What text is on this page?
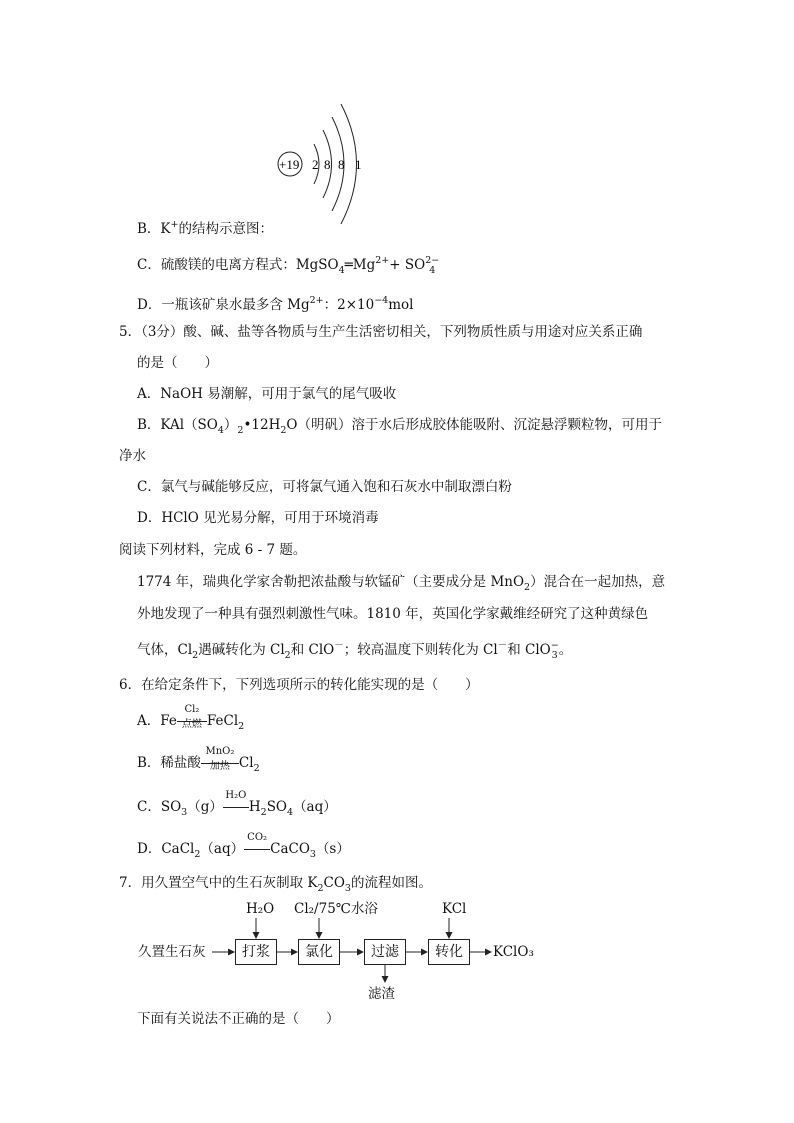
+19 2 8 8 1
B．K+的结构示意图：
C．硫酸镁的电离方程式：$MgSO_4═Mg^{2+}+ SO2-$
4
D．一瓶该矿泉水最多含 $Mg^{2+}$：$2\times 10^{-4}mol$
5．（3分）酸、碱、盐等各物质与生产生活密切相关，下列物质性质与用途对应关系正确
的是（　　）
A．NaOH 易潮解，可用于氯气的尾气吸收
B．$KAl(SO_4)_2•12H_2O$（明矾）溶于水后形成胶体能吸附、沉淀悬浮颗粒物，可用于
净水
C．氯气与碱能够反应，可将氯气通入饱和石灰水中制取漂白粉
D．HClO 见光易分解，可用于环境消毒
阅读下列材料，完成 6 - 7 题。
1774 年，瑞典化学家舍勒把浓盐酸与软锰矿（主要成分是 MnO$_2$）混合在一起加热，意
外地发现了一种具有强烈刺激性气味。1810 年，英国化学家戴维经研究了这种黄绿色
气体，$Cl_2$遇碱转化为 $Cl_2$和 ClO－；较高温度下则转化为 Cl－和 ClO−
3。
6．在给定条件下，下列选项所示的转化能实现的是（　　）
A．Fe
Cl₂
点燃 FeCl$_2$
B．稀盐酸
MnO₂
加热 $Cl_2$
C．$SO_3(g)$
H₂O
$H_2SO_4(aq)$
D．CaCl$_2$（aq）
CO₂
CaCO$_3$（s）
7．用久置空气中的生石灰制取 $K_2CO_3$的流程如图。
久置生石灰
H₂O Cl₂/75℃水浴	KCl
打浆	氯化	过滤	转化	KClO₃
滤渣
下面有关说法不正确的是（　　）
